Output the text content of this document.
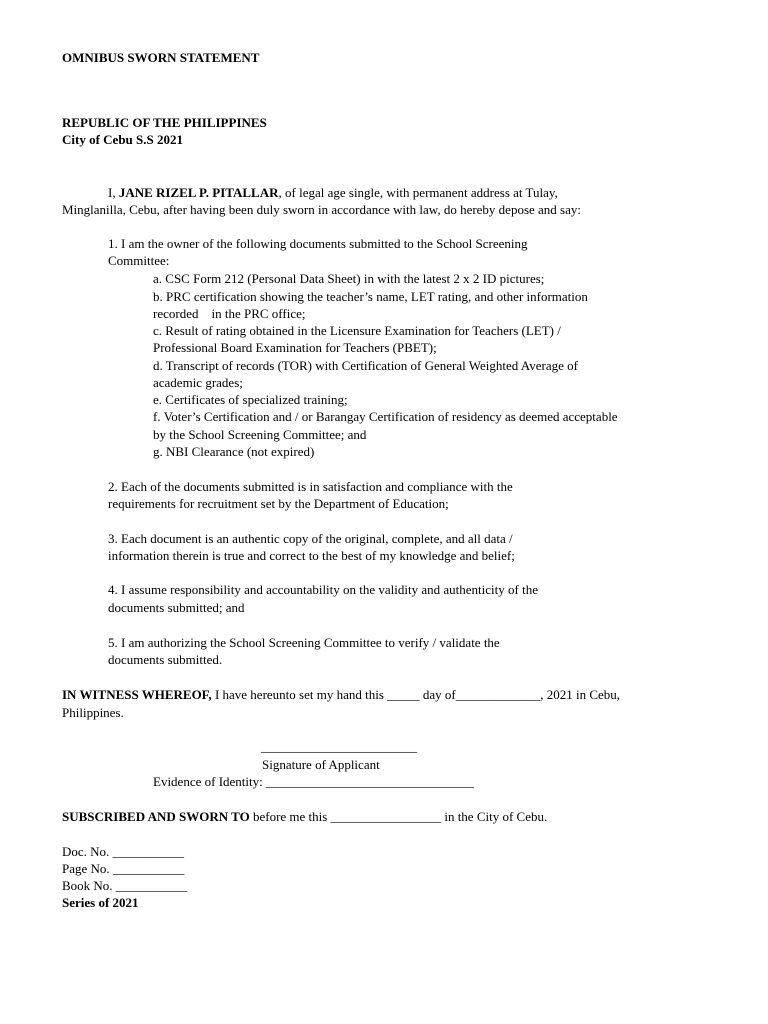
OMNIBUS SWORN STATEMENT
REPUBLIC OF THE PHILIPPINES
City of Cebu S.S 2021
I, JANE RIZEL P. PITALLAR, of legal age single, with permanent address at Tulay,
Minglanilla, Cebu, after having been duly sworn in accordance with law, do hereby depose and say:
1. I am the owner of the following documents submitted to the School Screening
Committee:
a. CSC Form 212 (Personal Data Sheet) in with the latest 2 x 2 ID pictures;
b. PRC certification showing the teacher’s name, LET rating, and other information
recorded    in the PRC office;
c. Result of rating obtained in the Licensure Examination for Teachers (LET) /
Professional Board Examination for Teachers (PBET);
d. Transcript of records (TOR) with Certification of General Weighted Average of
academic grades;
e. Certificates of specialized training;
f. Voter’s Certification and / or Barangay Certification of residency as deemed acceptable
by the School Screening Committee; and
g. NBI Clearance (not expired)
2. Each of the documents submitted is in satisfaction and compliance with the
requirements for recruitment set by the Department of Education;
3. Each document is an authentic copy of the original, complete, and all data /
information therein is true and correct to the best of my knowledge and belief;
4. I assume responsibility and accountability on the validity and authenticity of the
documents submitted; and
5. I am authorizing the School Screening Committee to verify / validate the
documents submitted.
IN WITNESS WHEREOF, I have hereunto set my hand this _____ day of_____________, 2021 in Cebu,
Philippines.
________________________
Signature of Applicant
Evidence of Identity: ________________________________
SUBSCRIBED AND SWORN TO before me this _________________ in the City of Cebu.
Doc. No. ___________
Page No. ___________
Book No. ___________
Series of 2021
